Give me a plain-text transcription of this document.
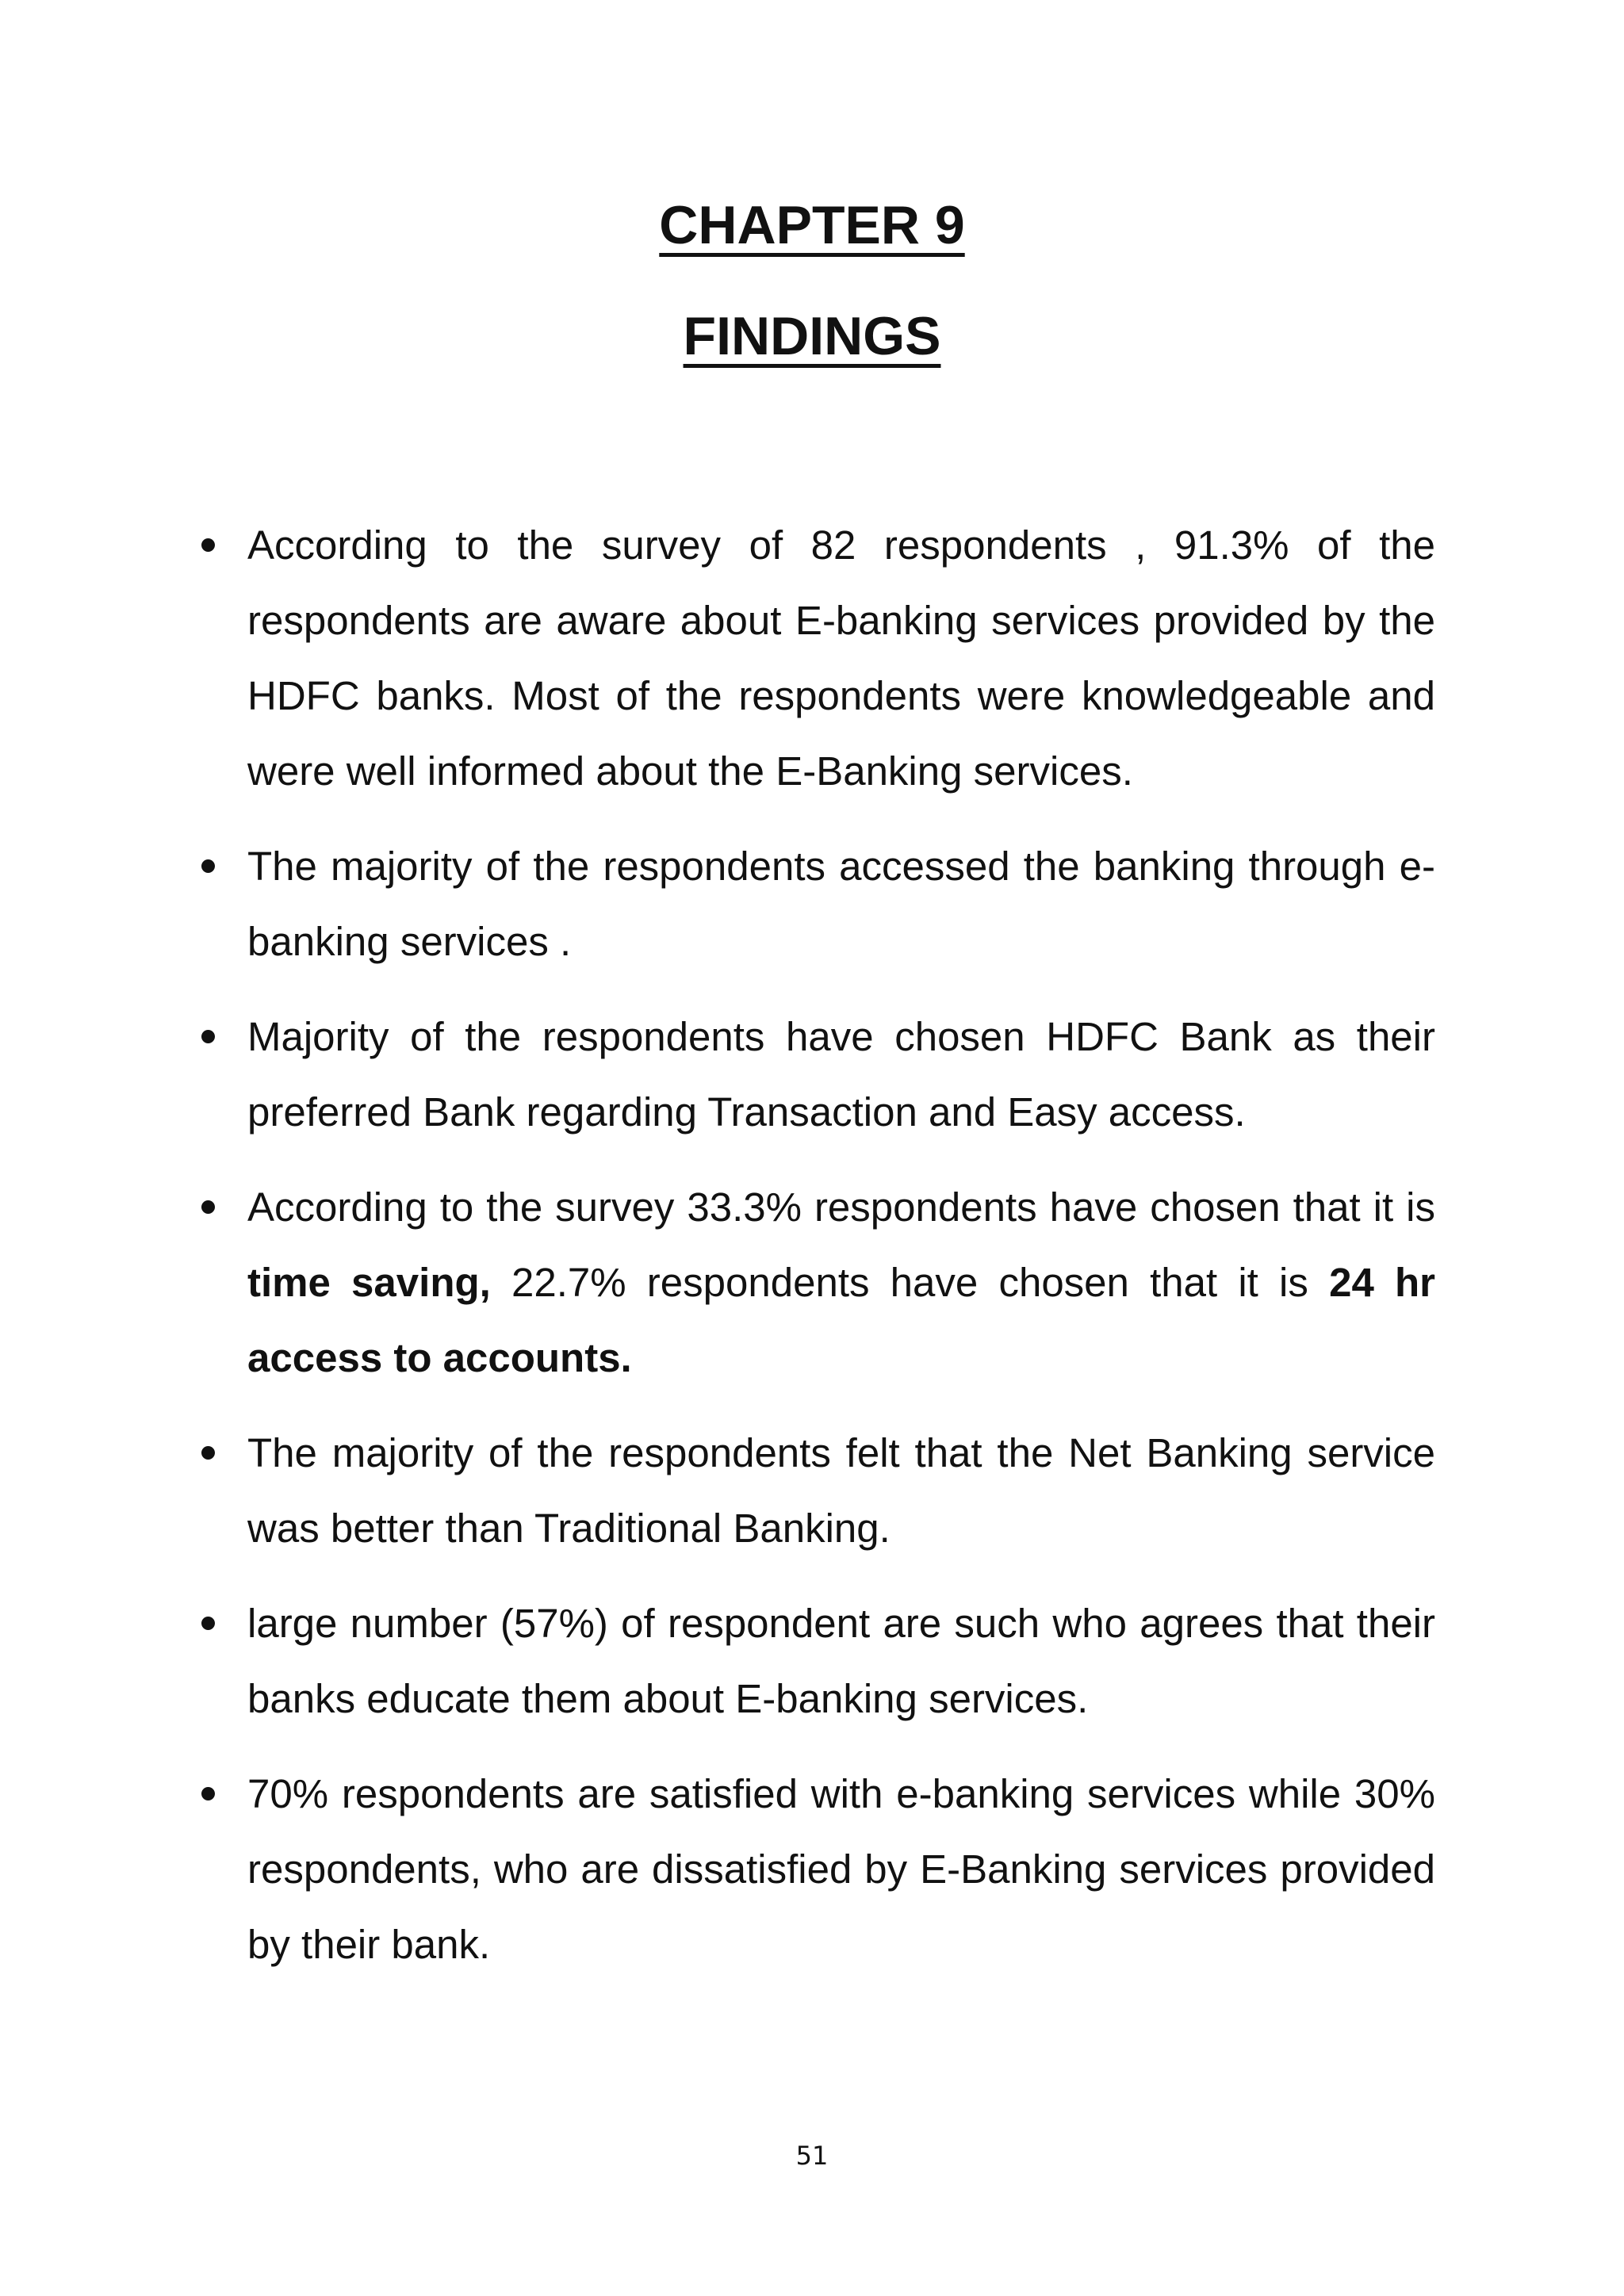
CHAPTER 9
FINDINGS
According to the survey of 82 respondents , 91.3% of the respondents are aware about E-banking services provided by the HDFC banks. Most of the respondents were knowledgeable and were well informed about the E-Banking services.
The majority of the respondents accessed the banking through e-banking services .
Majority of the respondents have chosen HDFC Bank as their preferred Bank regarding Transaction and Easy access.
According to the survey 33.3% respondents have chosen that it is time saving, 22.7% respondents have chosen that it is 24 hr access to accounts.
The majority of the respondents felt that the Net Banking service was better than Traditional Banking.
large number (57%) of respondent are such who agrees that their banks educate them about E-banking services.
70% respondents are satisfied with e-banking services while 30% respondents, who are dissatisfied by E-Banking services provided by their bank.
51
